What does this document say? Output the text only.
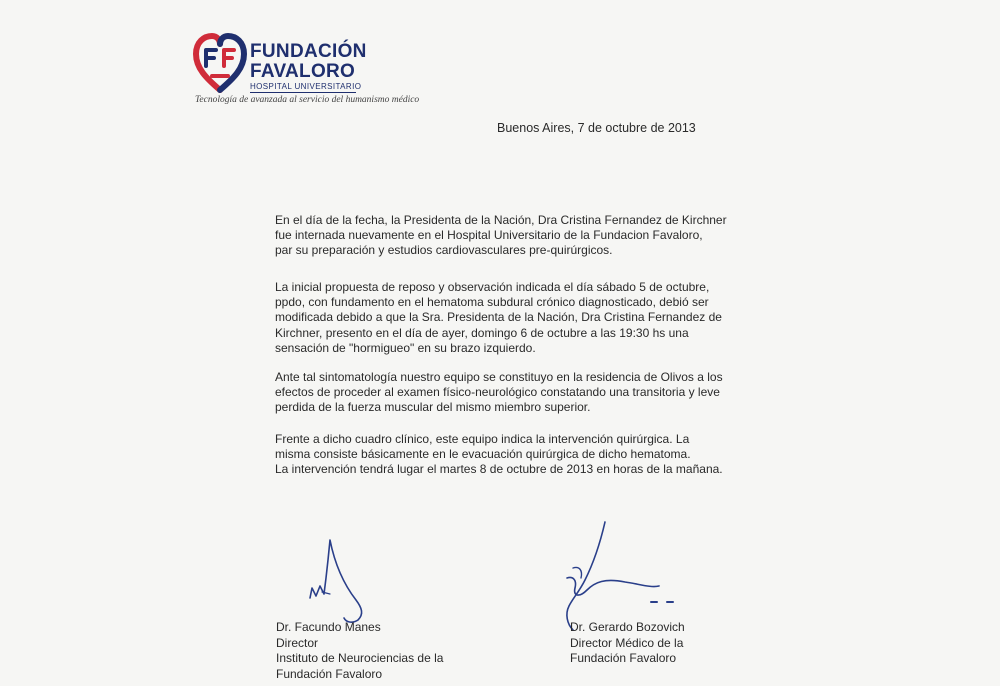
FUNDACIÓN
FAVALORO
HOSPITAL UNIVERSITARIO
Tecnología de avanzada al servicio del humanismo médico
Buenos Aires, 7 de octubre de 2013
En el día de la fecha, la Presidenta de la Nación, Dra Cristina Fernandez de Kirchner
fue internada nuevamente en el Hospital Universitario de la Fundacion Favaloro,
par su preparación y estudios cardiovasculares pre-quirúrgicos.
La inicial propuesta de reposo y observación indicada el día sábado 5 de octubre,
ppdo, con fundamento en el hematoma subdural crónico diagnosticado, debió ser
modificada debido a que la Sra. Presidenta de la Nación, Dra Cristina Fernandez de
Kirchner, presento en el día de ayer, domingo 6 de octubre a las 19:30 hs una
sensación de "hormigueo" en su brazo izquierdo.
Ante tal sintomatología nuestro equipo se constituyo en la residencia de Olivos a los
efectos de proceder al examen físico-neurológico constatando una transitoria y leve
perdida de la fuerza muscular del mismo miembro superior.
Frente a dicho cuadro clínico, este equipo indica la intervención quirúrgica. La
misma consiste básicamente en le evacuación quirúrgica de dicho hematoma.
La intervención tendrá lugar el martes 8 de octubre de 2013 en horas de la mañana.
Dr. Facundo Manes
Director
Instituto de Neurociencias de la
Fundación Favaloro
Dr. Gerardo Bozovich
Director Médico de la
Fundación Favaloro
